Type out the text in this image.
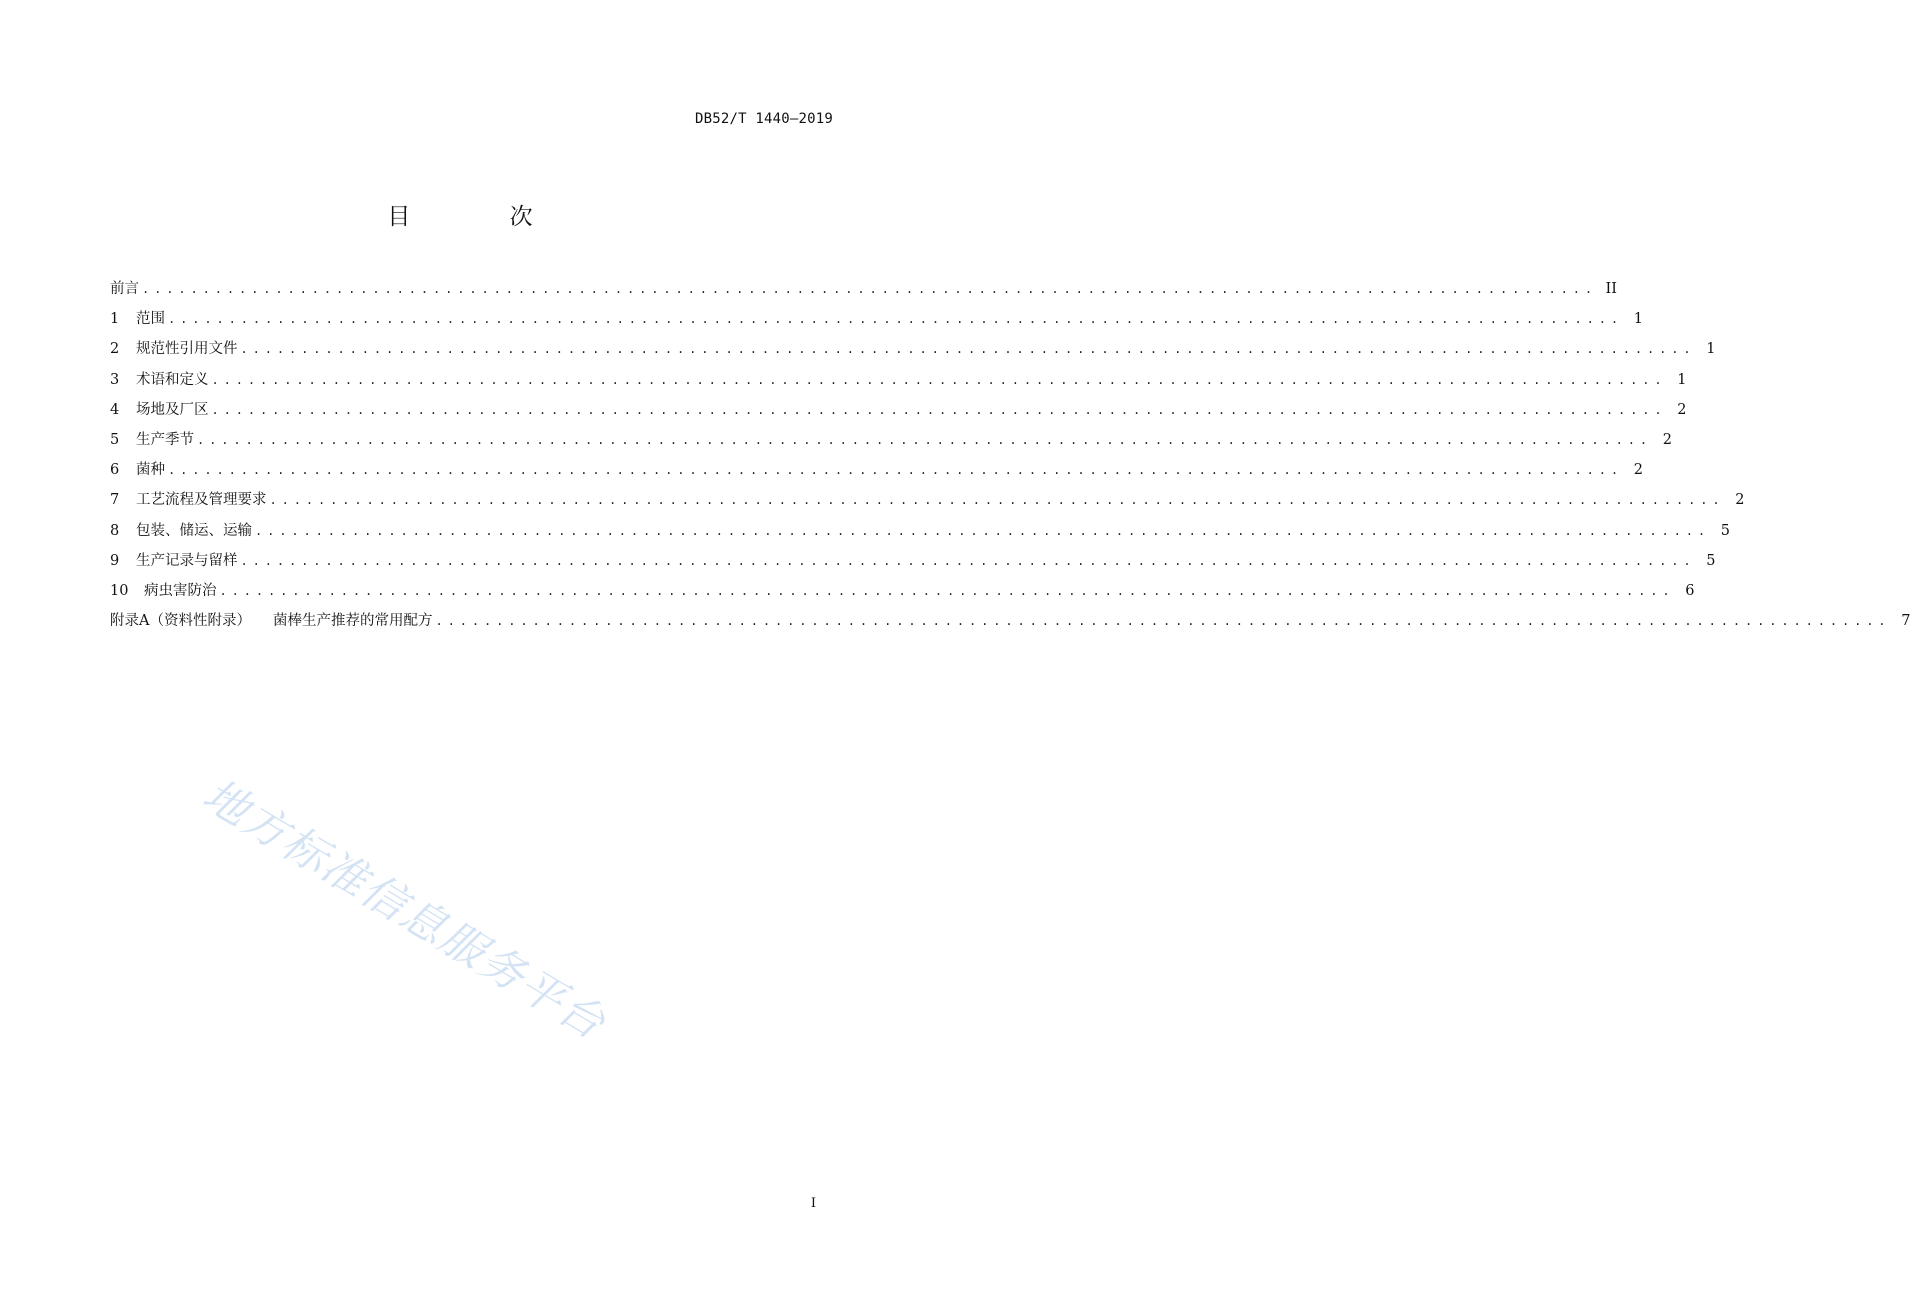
DB52/T 1440—2019
目 次
前言 ........................................................................................................................ II
1 范围 ........................................................................................................................ 1
2 规范性引用文件 ........................................................................................................................ 1
3 术语和定义 ........................................................................................................................ 1
4 场地及厂区 ........................................................................................................................ 2
5 生产季节 ........................................................................................................................ 2
6 菌种 ........................................................................................................................ 2
7 工艺流程及管理要求 ........................................................................................................................ 2
8 包装、储运、运输 ........................................................................................................................ 5
9 生产记录与留样 ........................................................................................................................ 5
10 病虫害防治 ........................................................................................................................ 6
附录A（资料性附录） 菌棒生产推荐的常用配方 ........................................................................................................................ 7
地方标准信息服务平台
I
